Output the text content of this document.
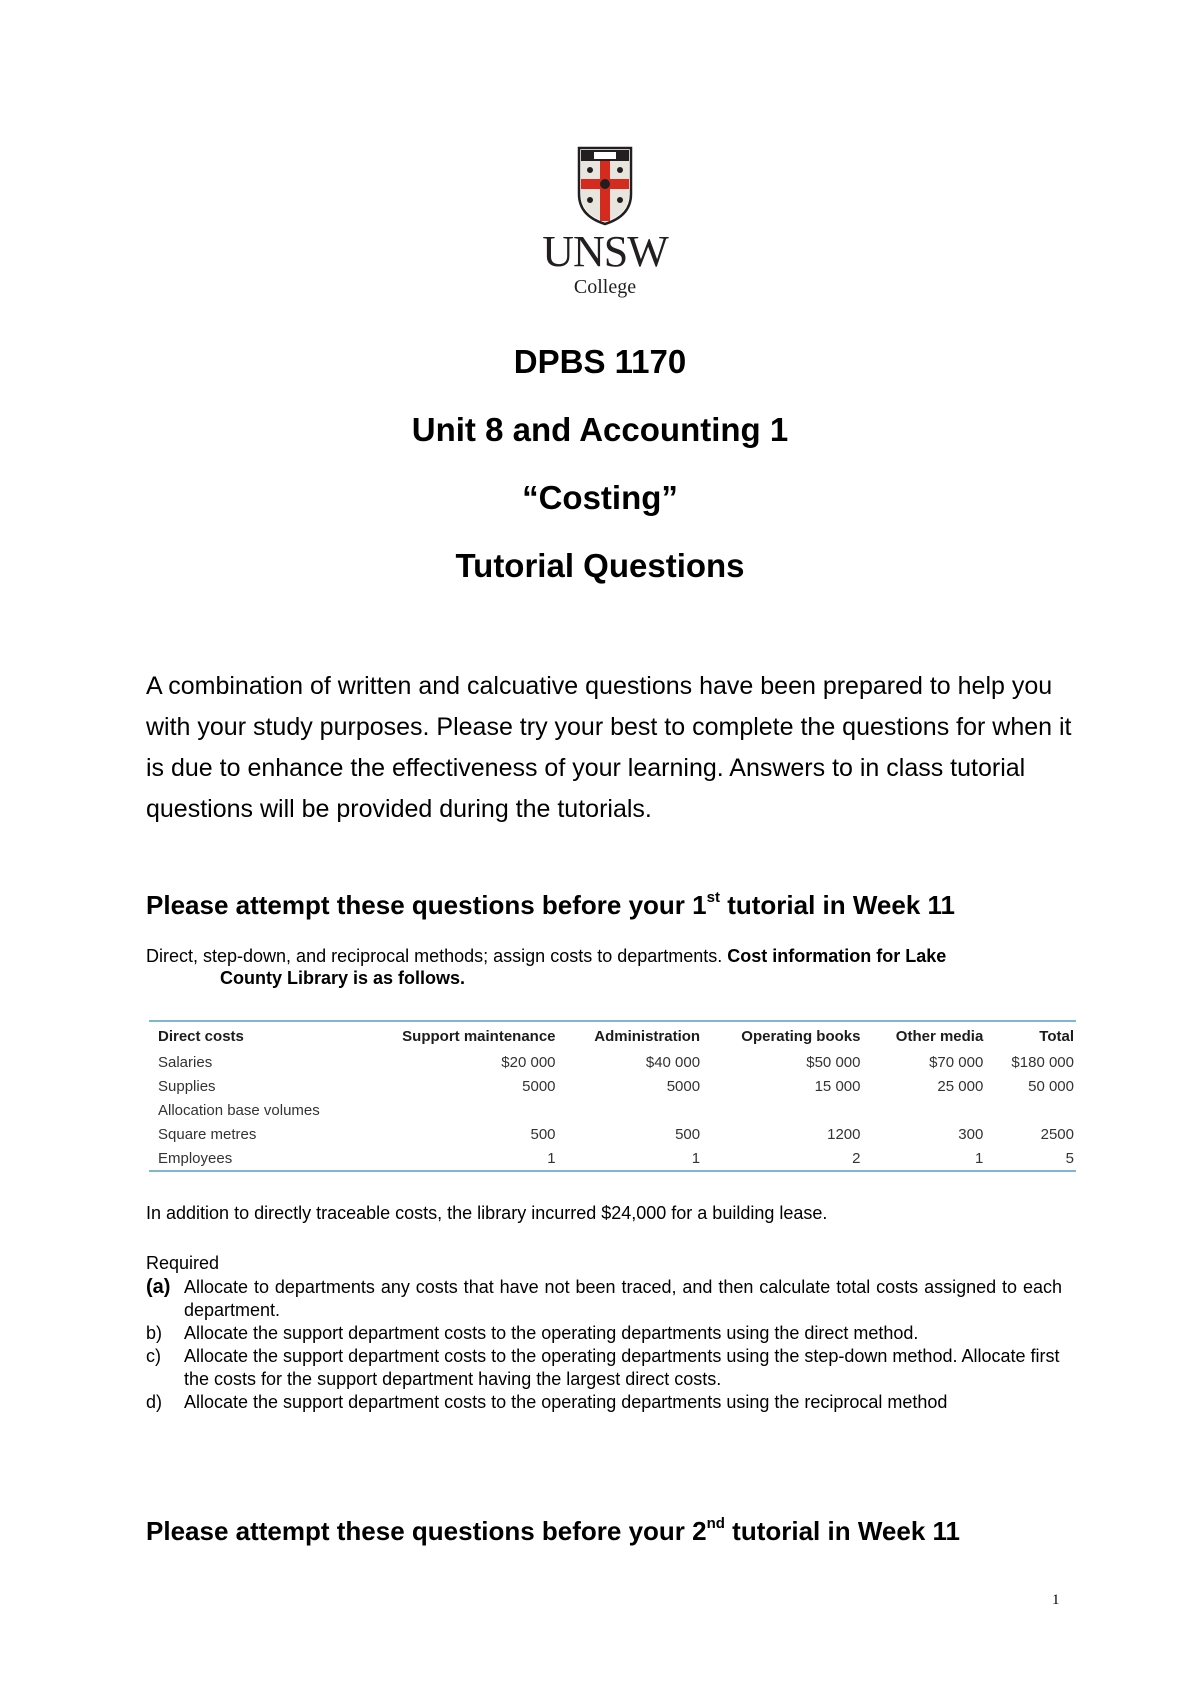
UNSW
College
DPBS 1170
Unit 8 and Accounting 1
“Costing”
Tutorial Questions
A combination of written and calcuative questions have been prepared to help you with your study purposes. Please try your best to complete the questions for when it is due to enhance the effectiveness of your learning. Answers to in class tutorial questions will be provided during the tutorials.
Please attempt these questions before your 1st tutorial in Week 11
Direct, step-down, and reciprocal methods; assign costs to departments. Cost information for Lake
County Library is as follows.
Direct costs	Support maintenance	Administration	Operating books	Other media	Total
Salaries	$20 000	$40 000	$50 000	$70 000	$180 000
Supplies	5000	5000	15 000	25 000	50 000
Allocation base volumes					
Square metres	500	500	1200	300	2500
Employees	1	1	2	1	5
In addition to directly traceable costs, the library incurred $24,000 for a building lease.
Required
(a) Allocate to departments any costs that have not been traced, and then calculate total costs assigned to each department.
b)	Allocate the support department costs to the operating departments using the direct method.
c)	Allocate the support department costs to the operating departments using the step-down method. Allocate first the costs for the support department having the largest direct costs.
d)	Allocate the support department costs to the operating departments using the reciprocal method
Please attempt these questions before your 2nd tutorial in Week 11
1
